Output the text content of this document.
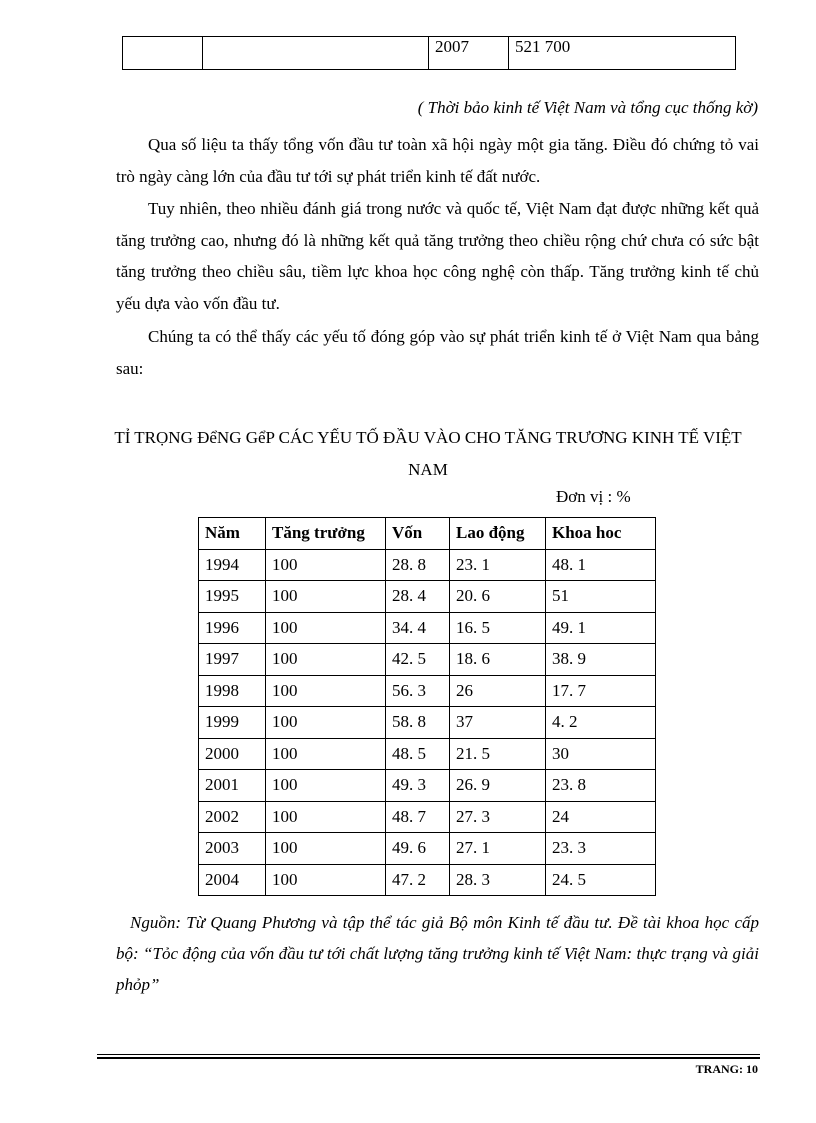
		2007	521 700
( Thời bảo kinh tế Việt Nam và tổng cục thống kờ)

Qua số liệu ta thấy tổng vốn đầu tư toàn xã hội ngày một gia tăng. Điều đó chứng tỏ vai trò ngày càng lớn của đầu tư tới sự phát triển kinh tế đất nước.

Tuy nhiên, theo nhiều đánh giá trong nước và quốc tế, Việt Nam đạt được những kết quả tăng trưởng cao, nhưng đó là những kết quả tăng trưởng theo chiều rộng chứ chưa có sức bật tăng trưởng theo chiều sâu, tiềm lực khoa học công nghệ còn thấp. Tăng trưởng kinh tế chủ yếu dựa vào vốn đầu tư.

Chúng ta có thể thấy các yếu tố đóng góp vào sự phát triển kinh tế ở Việt Nam qua bảng sau:

TỈ TRỌNG ĐểNG GểP CÁC YẾU TỐ ĐẦU VÀO CHO TĂNG TRƯƠNG KINH TẾ VIỆT NAM

Đơn vị : %
Năm	Tăng trưởng	Vốn	Lao động	Khoa hoc
1994	100	28. 8	23. 1	48. 1
1995	100	28. 4	20. 6	51
1996	100	34. 4	16. 5	49. 1
1997	100	42. 5	18. 6	38. 9
1998	100	56. 3	26	17. 7
1999	100	58. 8	37	4. 2
2000	100	48. 5	21. 5	30
2001	100	49. 3	26. 9	23. 8
2002	100	48. 7	27. 3	24
2003	100	49. 6	27. 1	23. 3
2004	100	47. 2	28. 3	24. 5

Nguồn: Từ Quang Phương và tập thể tác giả Bộ môn Kinh tế đầu tư. Đề tài khoa học cấp bộ: “Tỏc động của vốn đầu tư tới chất lượng tăng trưởng kinh tế Việt Nam: thực trạng và giải phỏp”

TRANG: 10
